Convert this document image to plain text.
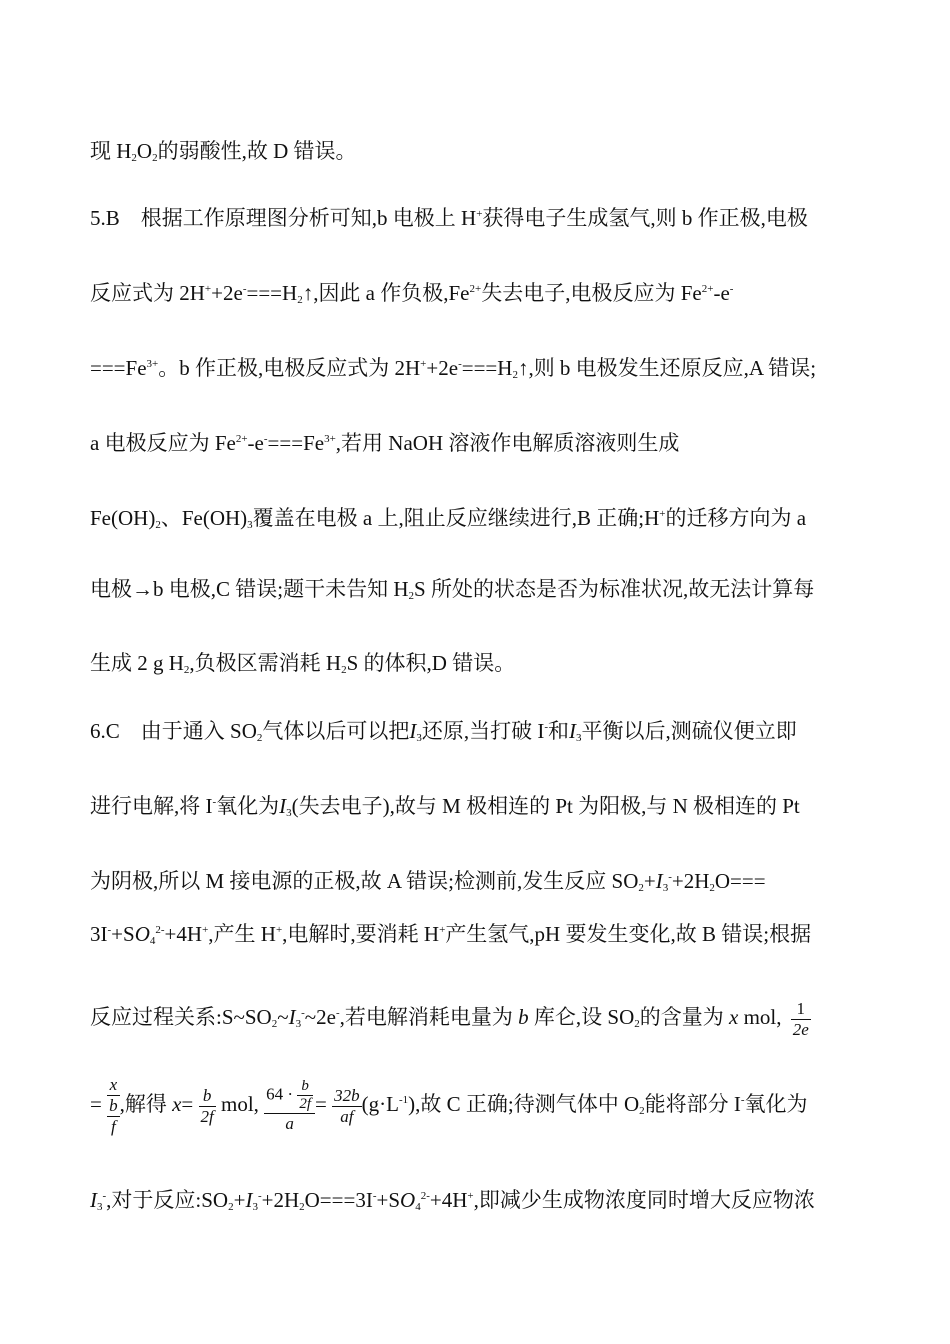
现 $H_2O_2$的弱酸性,故 D 错误。
5.B 根据工作原理图分析可知,b 电极上 H+获得电子生成氢气,则 b 作正极,电极
反应式为 $2H^++2e^-===H_2↑$,因此 a 作负极$,Fe^{2+}$失去电子,电极反应为 $Fe^{2+}-e^-$
$===Fe^{3+}$。b 作正极,电极反应式为 $2H^++2e^-===H_2↑$,则 b 电极发生还原反应,A 错误;
a 电极反应为 $Fe^{2+}-e^-===Fe^{3+}$,若用 NaOH 溶液作电解质溶液则生成
$Fe(OH)_2$、$Fe(OH)_3$覆盖在电极 a 上,阻止反应继续进行,B 正确;H+的迁移方向为 a
电极→b 电极,C 错误;题干未告知 $H_2S$ 所处的状态是否为标准状况,故无法计算每
生成 2 g $H_2$,负极区需消耗 $H_2S$ 的体积,D 错误。
6.C 由于通入 $SO_2$气体以后可以把$I_3$还原,当打破 I-和$I_3$平衡以后,测硫仪便立即
进行电解,将 I-氧化为$I_3$(失去电子),故与 M 极相连的 Pt 为阳极,与 N 极相连的 Pt
为阴极,所以 M 接电源的正极,故 A 错误;检测前,发生反应 $SO_2+I_3^-+2H_2O===$
$3I^-+SO_4^{2-}+4H^+$,产生 H+,电解时,要消耗 H+产生氢气,pH 要发生变化,故 B 错误;根据
反应过程关系$:S\sim SO_2\sim I_3^-\sim 2e^-$,若电解消耗电量为 b 库仑,设 $SO_2$的含量为 x mol, $\frac{1}{2e}$
=
x
b
f
,解得 $x= \frac{b}{2f}$ mol, $\frac{64 \cdot \frac{b}{2f}}{a} = \frac{32b}{af} (g\cdot L^{-1})$,故 C 正确;待测气体中 $O_2$能将部分 I-氧化为
$I_3^-$,对于反应$:SO_2+I_3^-+2H_2O===3I^-+SO_4^{2-}+4H^+$,即减少生成物浓度同时增大反应物浓
